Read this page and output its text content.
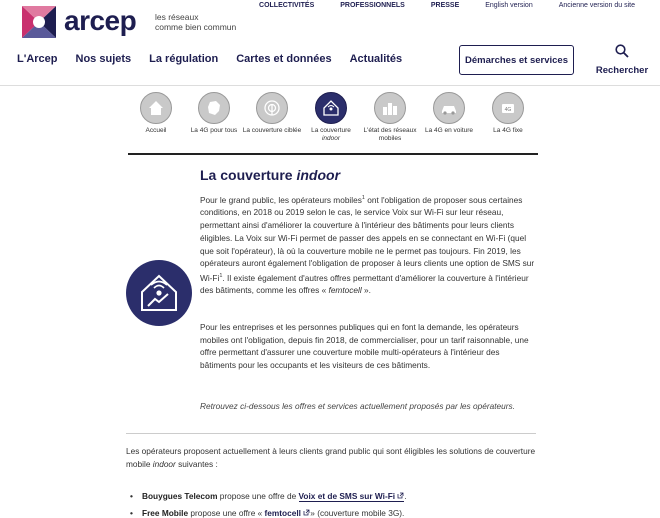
arcep les réseaux
comme bien commun
COLLECTIVITÉS	PROFESSIONNELS	PRESSE	English version	Ancienne version du site
L'Arcep Nos sujets La régulation Cartes et données Actualités	Démarches et services
Rechercher
Accueil	La 4G pour tous La couverture ciblée	La couverture
indoor
L'état des réseaux mobiles
La 4G en voiture
4G
La 4G fixe
La couverture indoor
Pour le grand public, les opérateurs mobiles$^1$ ont l'obligation de proposer sous certaines conditions, en 2018 ou 2019 selon le cas, le service Voix sur Wi-Fi sur leur réseau, permettant ainsi d'améliorer la couverture à l'intérieur des bâtiments pour leurs clients éligibles. La Voix sur Wi-Fi permet de passer des appels en se connectant en Wi-Fi (quel que soit l'opérateur), là où la couverture mobile ne le permet pas toujours. Fin 2019, les opérateurs auront également l'obligation de proposer à leurs clients une option de SMS sur Wi-Fi$^1$. Il existe également d'autres offres permettant d'améliorer la couverture à l'intérieur des bâtiments, comme les offres « femtocell ».
Pour les entreprises et les personnes publiques qui en font la demande, les opérateurs mobiles ont l'obligation, depuis fin 2018, de commercialiser, pour un tarif raisonnable, une offre permettant d'assurer une couverture mobile multi-opérateurs à l'intérieur des bâtiments pour les occupants et les visiteurs de ces bâtiments.
Retrouvez ci-dessous les offres et services actuellement proposés par les opérateurs.
Les opérateurs proposent actuellement à leurs clients grand public qui sont éligibles les solutions de couverture mobile indoor suivantes :
• Bouygues Telecom propose une offre de Voix et de SMS sur Wi-Fi .
• Free Mobile propose une offre « femtocell » (couverture mobile 3G).
